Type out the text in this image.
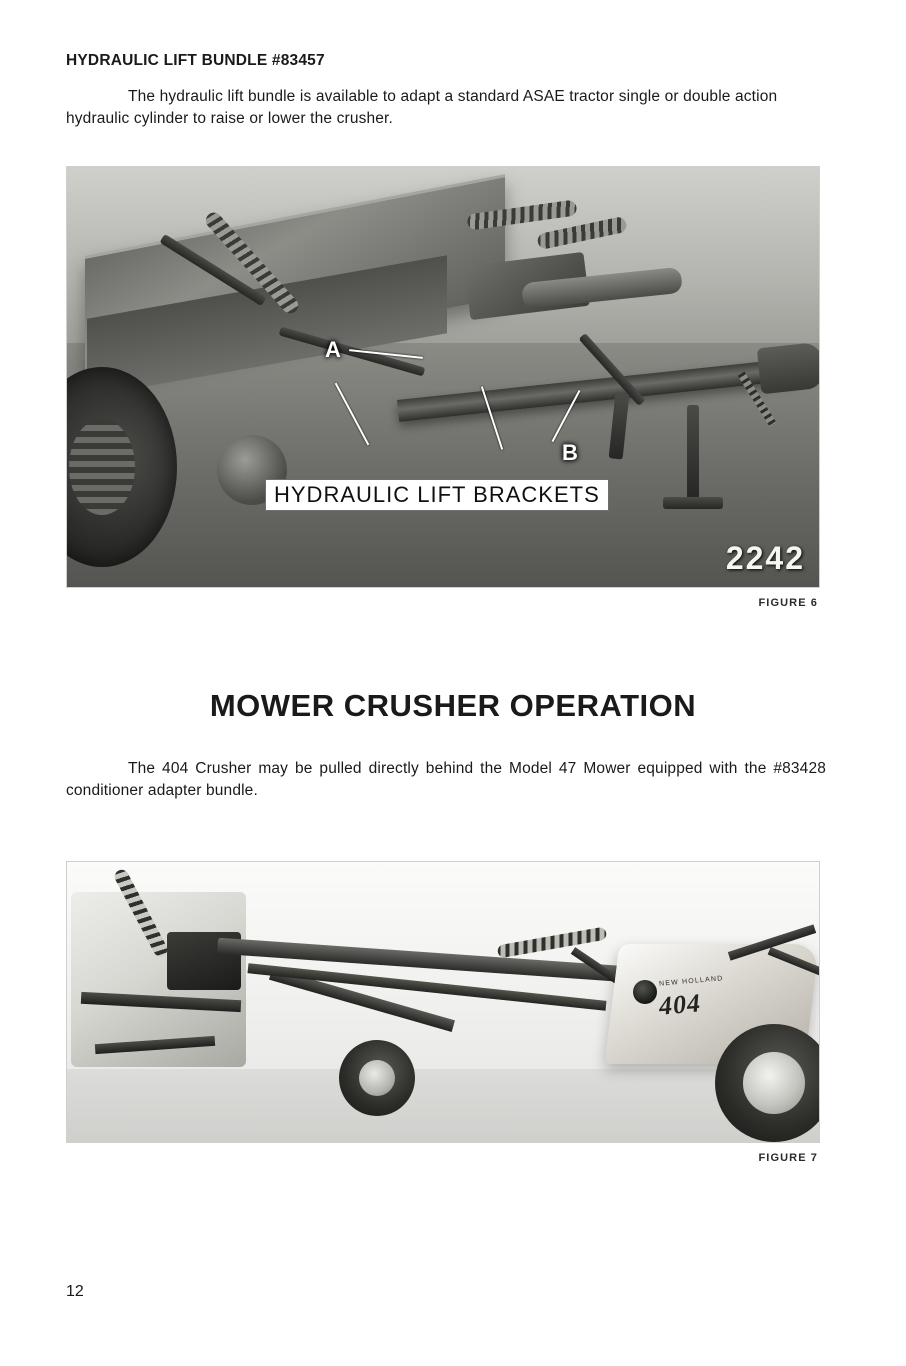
HYDRAULIC LIFT BUNDLE #83457
The hydraulic lift bundle is available to adapt a standard ASAE tractor single or double action hydraulic cylinder to raise or lower the crusher.
A
B
HYDRAULIC LIFT BRACKETS
2242
FIGURE 6
MOWER CRUSHER OPERATION
The 404 Crusher may be pulled directly behind the Model 47 Mower equipped with the #83428 conditioner adapter bundle.
NEW HOLLAND
404
FIGURE 7
12
